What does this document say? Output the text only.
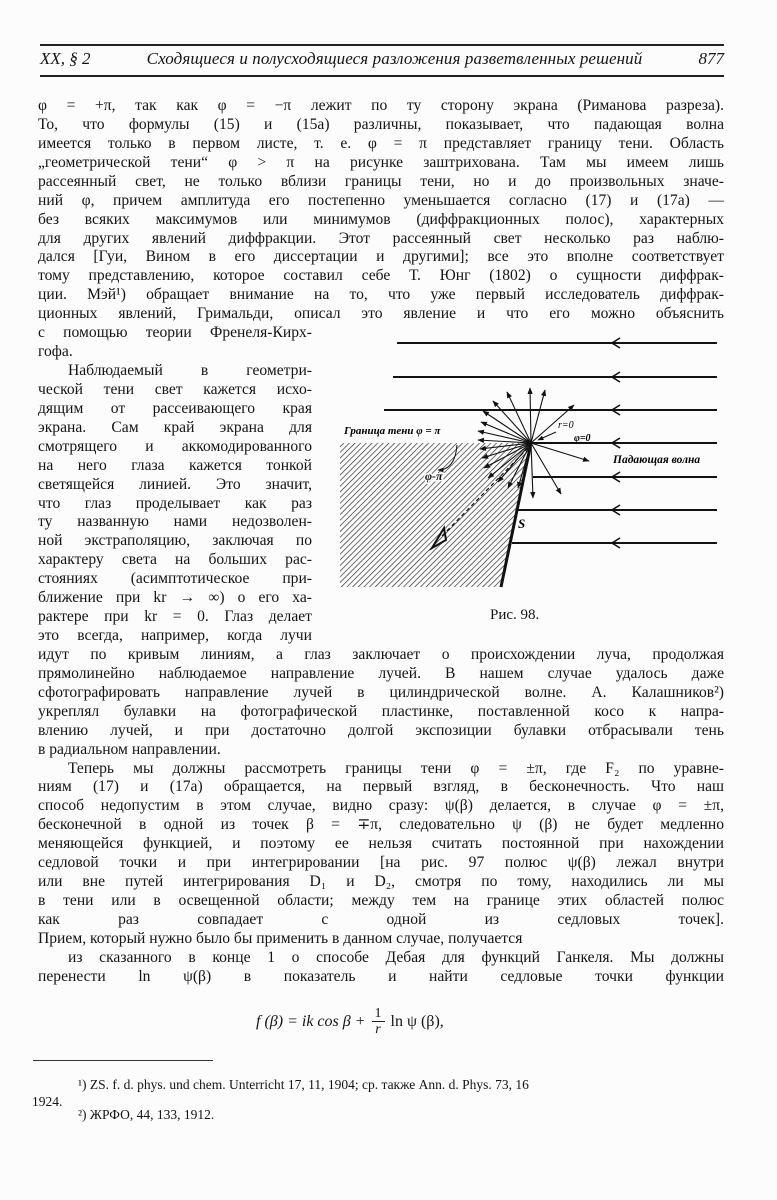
XX, § 2	Сходящиеся и полусходящиеся разложения разветвленных решений	877
φ = +π, так как φ = −π лежит по ту сторону экрана (Риманова разреза).
То, что формулы (15) и (15а) различны, показывает, что падающая волна
имеется только в первом листе, т. е. φ = π представляет границу тени. Область
„геометрической тени“ φ > π на рисунке заштрихована. Там мы имеем лишь
рассеянный свет, не только вблизи границы тени, но и до произвольных значе-
ний φ, причем амплитуда его постепенно уменьшается согласно (17) и (17а) —
без всяких максимумов или минимумов (диффракционных полос), характерных
для других явлений диффракции. Этот рассеянный свет несколько раз наблю-
дался [Гуи, Вином в его диссертации и другими]; все это вполне соответствует
тому представлению, которое составил себе Т. Юнг (1802) о сущности диффрак-
ции. Мэй¹) обращает внимание на то, что уже первый исследователь диффрак-
ционных явлений, Гримальди, описал это явление и что его можно объяснить
с помощью теории Френеля-Кирх-
гофа.
Наблюдаемый в геометри-
ческой тени свет кажется исхо-
дящим от рассеивающего края
экрана. Сам край экрана для
смотрящего и аккомодированного
на него глаза кажется тонкой
светящейся линией. Это значит,
что глаз проделывает как раз
ту названную нами недозволен-
ной экстраполяцию, заключая по
характеру света на больших рас-
стояниях (асимптотическое при-
ближение при kr → ∞) о его ха-
рактере при kr = 0. Глаз делает
это всегда, например, когда лучи
идут по кривым линиям, а глаз заключает о происхождении луча, продолжая
прямолинейно наблюдаемое направление лучей. В нашем случае удалось даже
сфотографировать направление лучей в цилиндрической волне. А. Калашников²)
укреплял булавки на фотографической пластинке, поставленной косо к напра-
влению лучей, и при достаточно долгой экспозиции булавки отбрасывали тень
в радиальном направлении.
Теперь мы должны рассмотреть границы тени φ = ±π, где F₂ по уравне-
ниям (17) и (17а) обращается, на первый взгляд, в бесконечность. Что наш
способ недопустим в этом случае, видно сразу: ψ(β) делается, в случае φ = ±π,
бесконечной в одной из точек β = ∓π, следовательно ψ (β) не будет медленно
меняющейся функцией, и поэтому ее нельзя считать постоянной при нахождении
седловой точки и при интегрировании [на рис. 97 полюс ψ(β) лежал внутри
или вне путей интегрирования D₁ и D₂, смотря по тому, находились ли мы
в тени или в освещенной области; между тем на границе этих областей полюс
как раз совпадает с одной из седловых точек].
Прием, который нужно было бы применить в данном случае, получается
из сказанного в конце 1 о способе Дебая для функций Ганкеля. Мы должны
перенести ln ψ(β) в показатель и найти седловые точки функции
Граница тени φ = π	r=0
φ=0
Падающая волна
φ-π
S
Рис. 98.
f (β) = ik $\cos \beta + \frac{1}{r}$ ln ψ (β),
¹) ZS. f. d. phys. und chem. Unterricht 17, 11, 1904; ср. также Ann. d. Phys. 73, 16
1924.
²) ЖРФО, 44, 133, 1912.
